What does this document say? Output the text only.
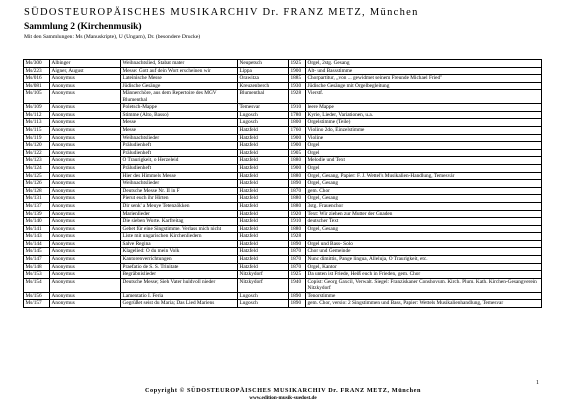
SÜDOSTEUROPÄISCHES MUSIKARCHIV Dr. FRANZ METZ, München
Sammlung 2 (Kirchenmusik)
Mit den Sammlungen: Ms (Manuskripte), U (Ungarn), Dr. (besondere Drucke)
Ms/300	Albinger	Weihnachtslied, Stabat mater	Neupetsch	1925	Orgel, 2stg. Gesang
Ms/223	Aigner, August	Messe: Gott auf dein Wort erscheinen wir	Lippa	1900	Alt- und Bassstimme
Ms/016	Anonymus	Lateinische Messe	Orawitza	1885	Chorpartitur, „von ... gewidmet seinem Freunde Michael Fried"
Ms/081	Anonymus	Jüdische Gesänge	Kreuzenberch	1930	Jüdische Gesänge mit Orgelbegleitung
Ms/105	Anonymus	Männerchöre, aus dem Repertoire des MGV Blumenthal	Blumenthal	1928	Vierstf.
Ms/109	Anonymus	Poletsch-Mappe	Temesvar	1910	leere Mappe
Ms/112	Anonymus	Stimme (Alto, Basso)	Lugosch	1780	Kyrie, Lieder, Variationen, u.a.
Ms/113	Anonymus	Messe	Lugosch	1800	Orgelstimme (Teile)
Ms/115	Anonymus	Messe	Hatzfeld	1760	Violino 2do, Einzelstimme
Ms/119	Anonymus	Weihnachtslieder	Hatzfeld	1900	Violine
Ms/120	Anonymus	Präludienheft	Hatzfeld	1900	Orgel
Ms/122	Anonymus	Präludienheft	Hatzfeld	1905	Orgel
Ms/123	Anonymus	O Traurigkeit, o Herzeleid	Hatzfeld	1880	Melodie und Text
Ms/124	Anonymus	Präludienheft	Hatzfeld	1900	Orgel
Ms/125	Anonymus	Hier des Himmels Messe	Hatzfeld	1880	Orgel, Gesang, Papier: F. J. Wettel's Musikalien-Handlung, Temesvár
Ms/126	Anonymus	Weihnachtslieder	Hatzfeld	1890	Orgel, Gesang
Ms/128	Anonymus	Deutsche Messe Nr. II in F	Hatzfeld	1870	gem. Chor
Ms/131	Anonymus	Pierut euch ihr Hirten	Hatzfeld	1880	Orgel, Gesang
Ms/137	Anonymus	Dir senk' a Meuye Tetenzökken	Hatzfeld	1880	3stg. Frauenchor
Ms/139	Anonymus	Marienlieder	Hatzfeld	1920	Text: Wir ziehen zur Mutter der Gnaden
Ms/140	Anonymus	Die sieben Worte. Karfreitag	Hatzfeld	1910	deutscher Text
Ms/141	Anonymus	Gebet für eine Singstimme. Verlass mich nicht	Hatzfeld	1880	Orgel, Gesang
Ms/143	Anonymus	Liste mit ungarischen Kirchenliedern	Hatzfeld	1928	
Ms/144	Anonymus	Salve Regina	Hatzfeld	1890	Orgel und Bass- Solo
Ms/145	Anonymus	Klagelied: O du mein Volk	Hatzfeld	1870	Chor und Gemeinde
Ms/147	Anonymus	Kantorenverrichtungen	Hatzfeld	1870	Nunc dimittis, Pange lingua, Alleluja, O Traurigkeit, etc.
Ms/148	Anonymus	Praefatio de S. S. Trinitate	Hatzfeld	1870	Orgel, Kantor
Ms/153	Anonymus	Begräbnislieder	Nitzkydorf	1925	Da unten ist Friede, Heiß euch in Frieden, gem. Chor
Ms/154	Anonymus	Deutsche Messe; Sieh Vater huldvoll nieder	Nitzkydorf	1940	Copist: Georg Gaxcil, Verwalt. Siegel: Franziskaner Conshovum. Kirch. Plum. Kath. Kirchen-Gesangverein Nitzkydorf
Ms/156	Anonymus	Lamentatio I. Feria	Lugosch	1890	Tenorstimme
Ms/157	Anonymus	Gegrüßet seist du Maria; Das Lied Mariens	Lugosch	1890	gem. Chor, versio: 2 Singstimmen und Bass, Papier: Wettels Musikalienhandlung, Temesvar
1
Copyright © SÜDOSTEUROPÄISCHES MUSIKARCHIV Dr. FRANZ METZ, München
www.edition-musik-suedost.de
